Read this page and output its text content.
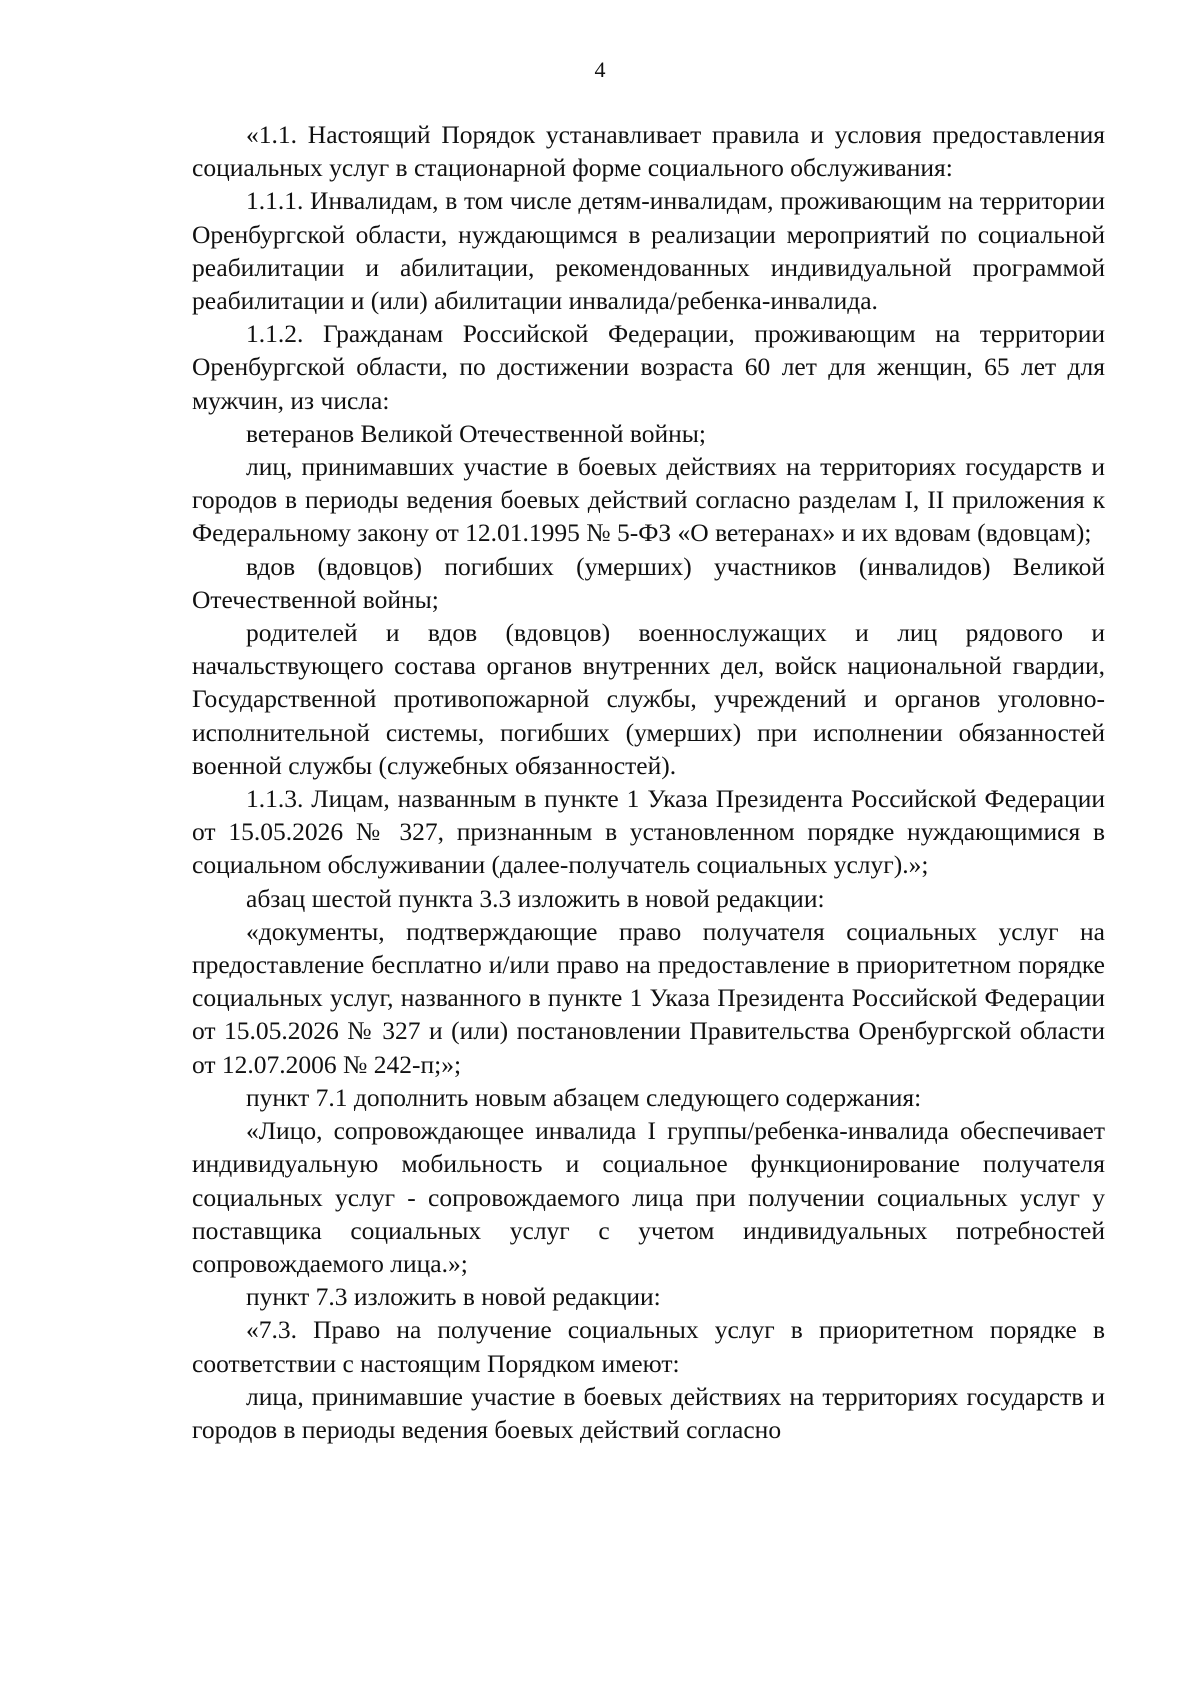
4

«1.1. Настоящий Порядок устанавливает правила и условия предоставления социальных услуг в стационарной форме социального обслуживания:

1.1.1. Инвалидам, в том числе детям-инвалидам, проживающим на территории Оренбургской области, нуждающимся в реализации мероприятий по социальной реабилитации и абилитации, рекомендованных индивидуальной программой реабилитации и (или) абилитации инвалида/ребенка-инвалида.

1.1.2. Гражданам Российской Федерации, проживающим на территории Оренбургской области, по достижении возраста 60 лет для женщин, 65 лет для мужчин, из числа:

ветеранов Великой Отечественной войны;

лиц, принимавших участие в боевых действиях на территориях государств и городов в периоды ведения боевых действий согласно разделам I, II приложения к Федеральному закону от 12.01.1995 № 5-ФЗ «О ветеранах» и их вдовам (вдовцам);

вдов (вдовцов) погибших (умерших) участников (инвалидов) Великой Отечественной войны;

родителей и вдов (вдовцов) военнослужащих и лиц рядового и начальствующего состава органов внутренних дел, войск национальной гвардии, Государственной противопожарной службы, учреждений и органов уголовно-исполнительной системы, погибших (умерших) при исполнении обязанностей военной службы (служебных обязанностей).

1.1.3. Лицам, названным в пункте 1 Указа Президента Российской Федерации от 15.05.2026 № 327, признанным в установленном порядке нуждающимися в социальном обслуживании (далее-получатель социальных услуг).»;

абзац шестой пункта 3.3 изложить в новой редакции:

«документы, подтверждающие право получателя социальных услуг на предоставление бесплатно и/или право на предоставление в приоритетном порядке социальных услуг, названного в пункте 1 Указа Президента Российской Федерации от 15.05.2026 № 327 и (или) постановлении Правительства Оренбургской области от 12.07.2006 № 242-п;»;

пункт 7.1 дополнить новым абзацем следующего содержания:

«Лицо, сопровождающее инвалида I группы/ребенка-инвалида обеспечивает индивидуальную мобильность и социальное функционирование получателя социальных услуг - сопровождаемого лица при получении социальных услуг у поставщика социальных услуг с учетом индивидуальных потребностей сопровождаемого лица.»;

пункт 7.3 изложить в новой редакции:

«7.3. Право на получение социальных услуг в приоритетном порядке в соответствии с настоящим Порядком имеют:

лица, принимавшие участие в боевых действиях на территориях государств и городов в периоды ведения боевых действий согласно
